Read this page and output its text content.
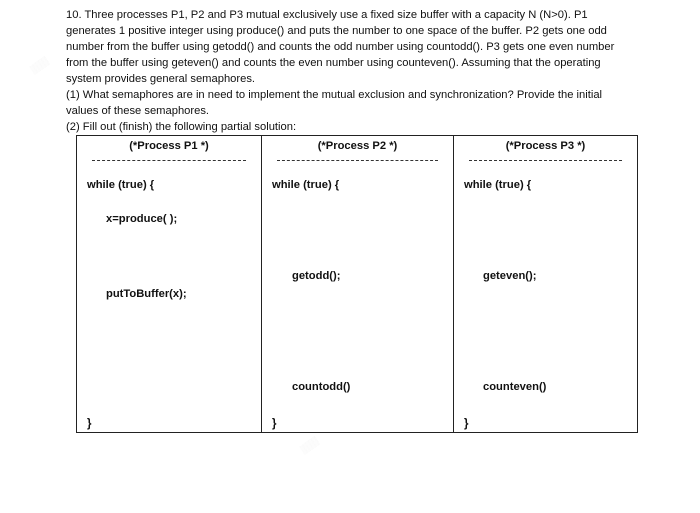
▒▒▒
▒▒▒

10. Three processes P1, P2 and P3 mutual exclusively use a fixed size buffer with a capacity N (N>0). P1

generates 1 positive integer using produce() and puts the number to one space of the buffer. P2 gets one odd

number from the buffer using getodd() and counts the odd number using countodd(). P3 gets one even number

from the buffer using geteven() and counts the even number using counteven(). Assuming that the operating

system provides general semaphores.

(1) What semaphores are in need to implement the mutual exclusion and synchronization? Provide the initial

values of these semaphores.

(2) Fill out (finish) the following partial solution:

(*Process P1 *)
while (true) {
x=produce( );
putToBuffer(x);
}
(*Process P2 *)
while (true) {
getodd();
countodd()
}
(*Process P3 *)
while (true) {
geteven();
counteven()
}
